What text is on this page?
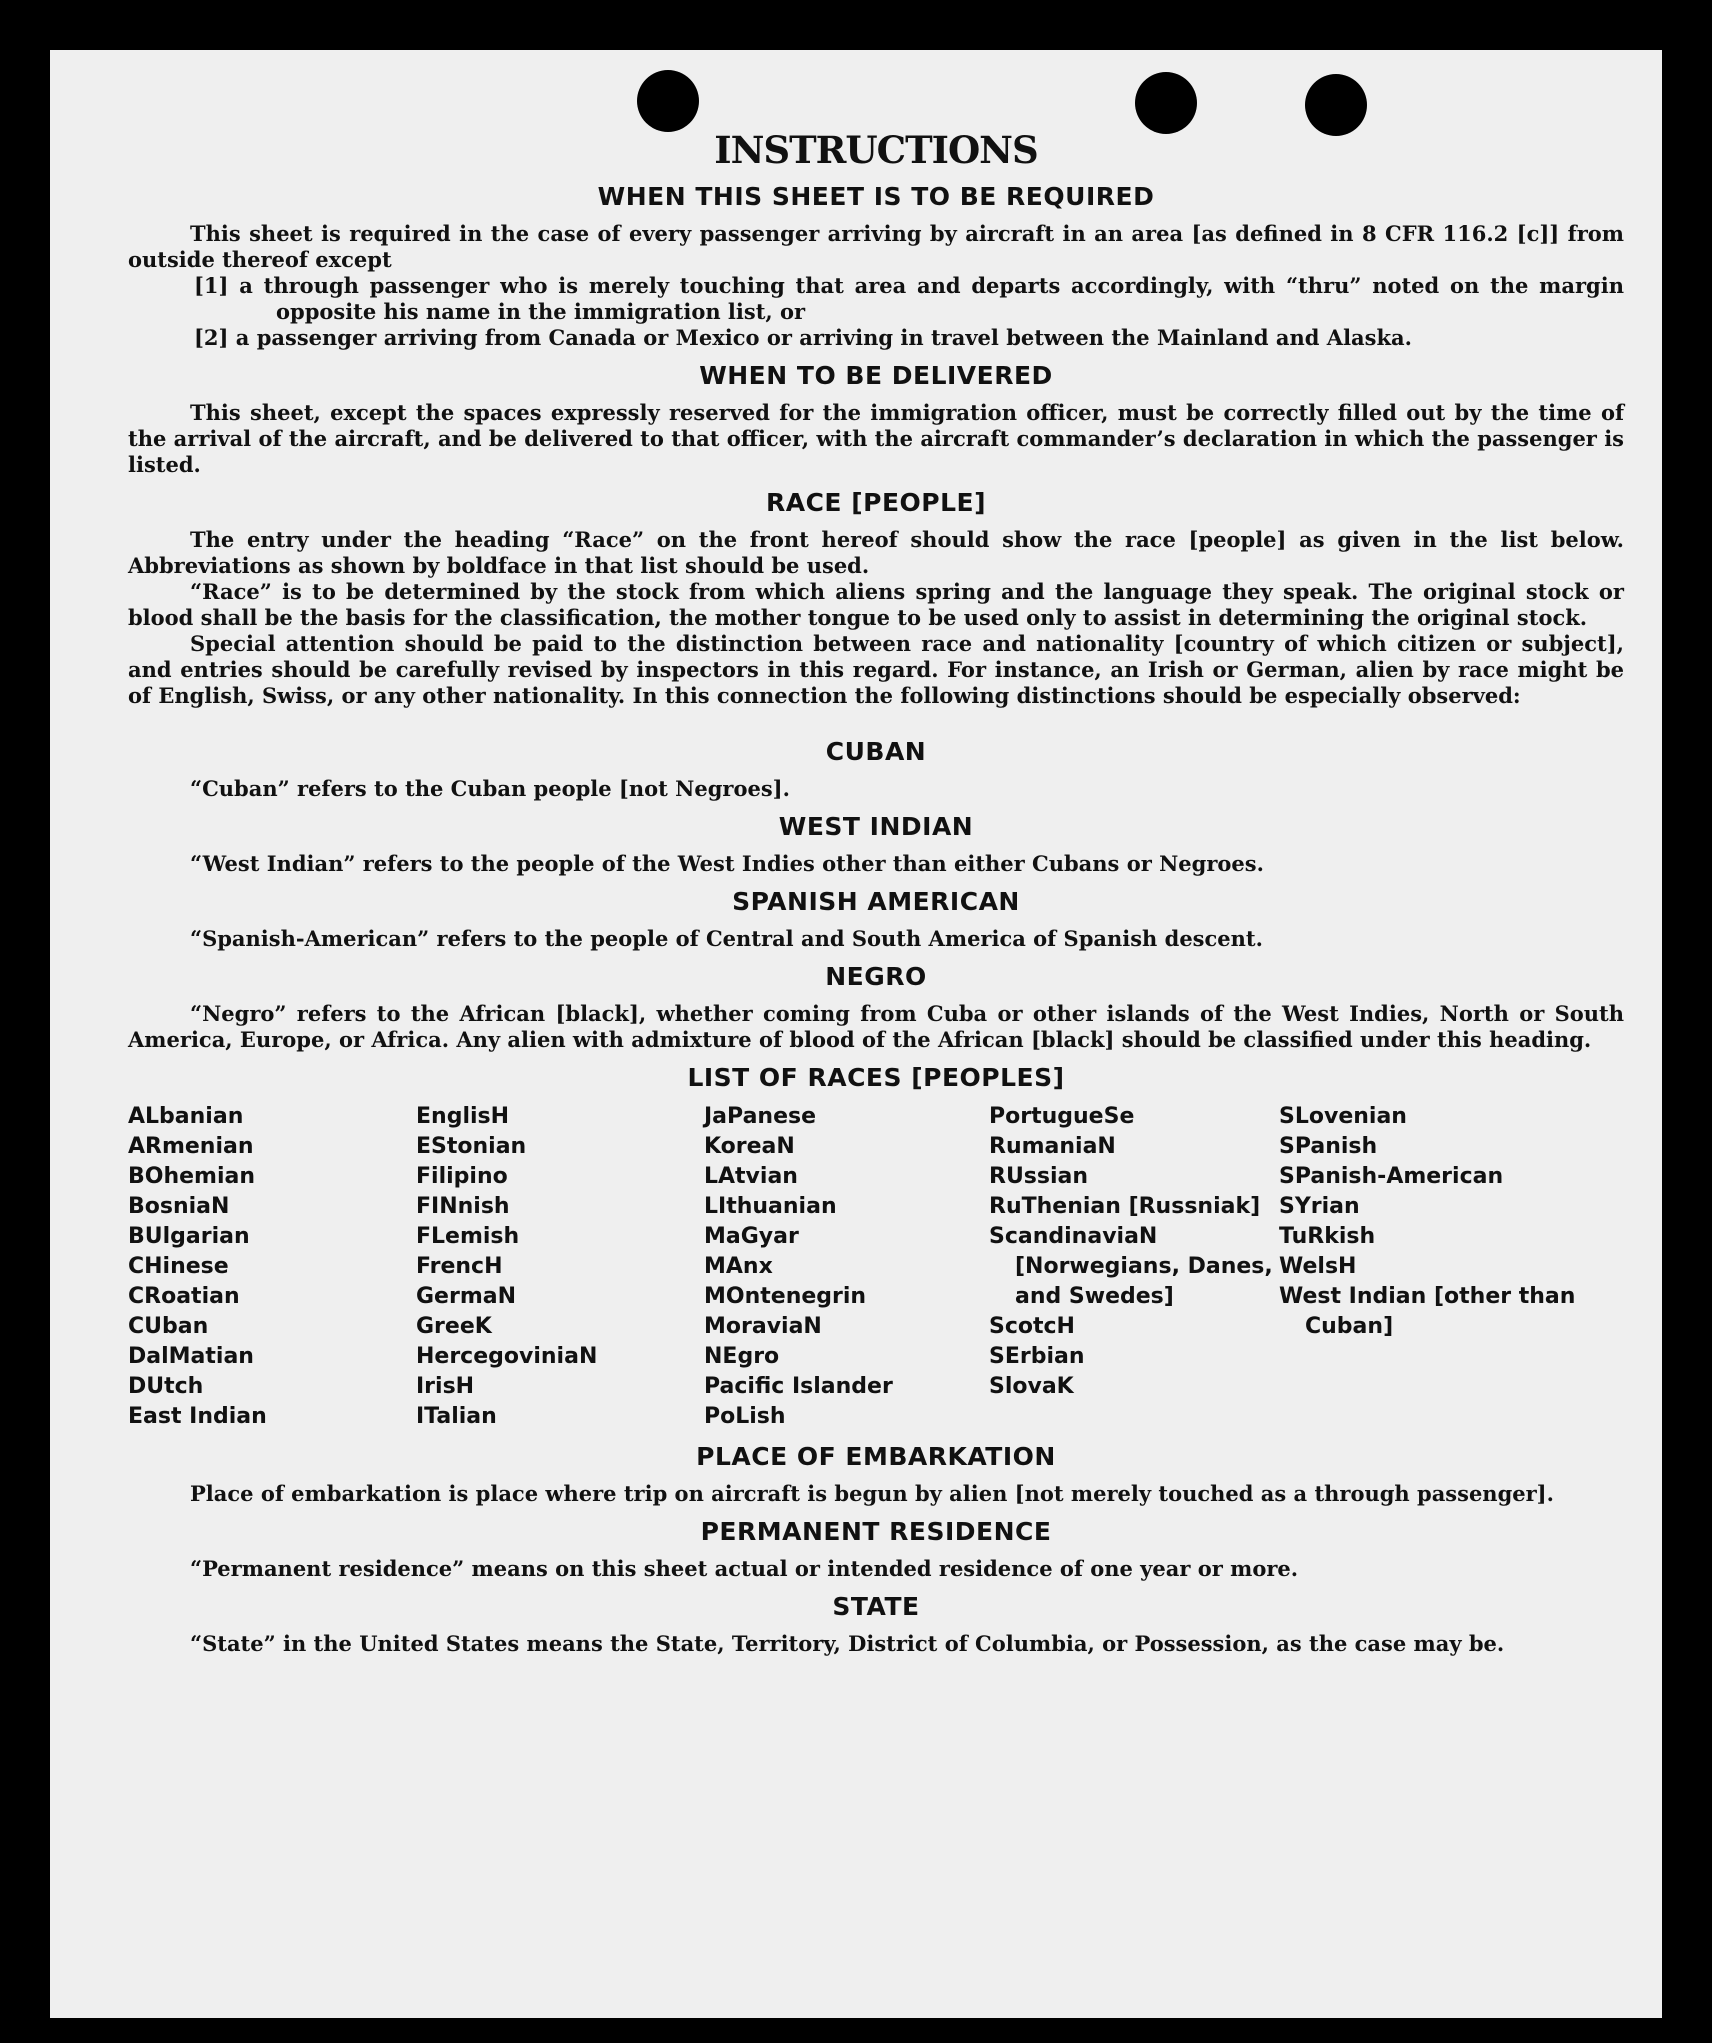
INSTRUCTIONS
WHEN THIS SHEET IS TO BE REQUIRED

This sheet is required in the case of every passenger arriving by aircraft in an area [as defined in 8 CFR 116.2 [c]] from outside thereof except

[1] a through passenger who is merely touching that area and departs accordingly, with “thru” noted on the margin opposite his name in the immigration list, or

[2] a passenger arriving from Canada or Mexico or arriving in travel between the Mainland and Alaska.

WHEN TO BE DELIVERED

This sheet, except the spaces expressly reserved for the immigration officer, must be correctly filled out by the time of the arrival of the aircraft, and be delivered to that officer, with the aircraft commander’s declaration in which the passenger is listed.

RACE [PEOPLE]

The entry under the heading “Race” on the front hereof should show the race [people] as given in the list below. Abbreviations as shown by boldface in that list should be used.

“Race” is to be determined by the stock from which aliens spring and the language they speak. The original stock or blood shall be the basis for the classification, the mother tongue to be used only to assist in determining the original stock.

Special attention should be paid to the distinction between race and nationality [country of which citizen or subject], and entries should be carefully revised by inspectors in this regard. For instance, an Irish or German, alien by race might be of English, Swiss, or any other nationality. In this connection the following distinctions should be especially observed:

CUBAN

“Cuban” refers to the Cuban people [not Negroes].

WEST INDIAN

“West Indian” refers to the people of the West Indies other than either Cubans or Negroes.

SPANISH AMERICAN

“Spanish-American” refers to the people of Central and South America of Spanish descent.

NEGRO

“Negro” refers to the African [black], whether coming from Cuba or other islands of the West Indies, North or South America, Europe, or Africa. Any alien with admixture of blood of the African [black] should be classified under this heading.

LIST OF RACES [PEOPLES]
ALbanian
ARmenian
BOhemian
BosniaN
BUlgarian
CHinese
CRoatian
CUban
DalMatian
DUtch
East Indian
EnglisH
EStonian
Filipino
FINnish
FLemish
FrencH
GermaN
GreeK
HercegoviniaN
IrisH
ITalian
JaPanese
KoreaN
LAtvian
LIthuanian
MaGyar
MAnx
MOntenegrin
MoraviaN
NEgro
Pacific Islander
PoLish
PortugueSe
RumaniaN
RUssian
RuThenian [Russniak]
ScandinaviaN [Norwegians, Danes, and Swedes]
ScotcH
SErbian
SlovaK
SLovenian
SPanish
SPanish-American
SYrian
TuRkish
WelsH
West Indian [other than Cuban]
PLACE OF EMBARKATION

Place of embarkation is place where trip on aircraft is begun by alien [not merely touched as a through passenger].

PERMANENT RESIDENCE

“Permanent residence” means on this sheet actual or intended residence of one year or more.

STATE

“State” in the United States means the State, Territory, District of Columbia, or Possession, as the case may be.
